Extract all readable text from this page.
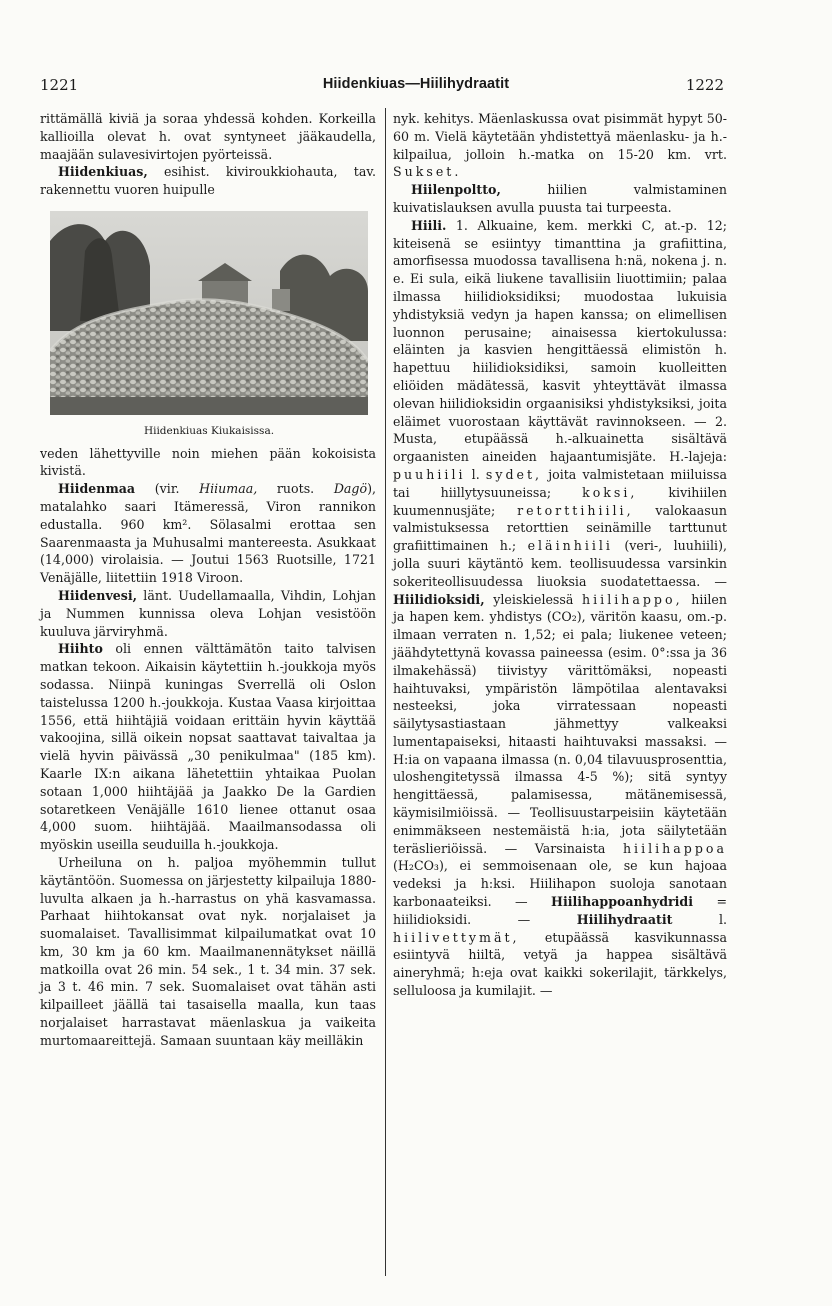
1221	Hiidenkiuas—Hiilihydraatit	1222

rittämällä kiviä ja soraa yhdessä kohden. Korkeilla kallioilla olevat h. ovat syntyneet jääkaudella, maajään sulavesivirtojen pyörteissä.

Hiidenkiuas, esihist. kiviroukkiohauta, tav. rakennettu vuoren huipulle

Hiidenkiuas Kiukaisissa.

veden lähettyville noin miehen pään kokoisista kivistä.

Hiidenmaa (vir. Hiiumaa, ruots. Dagö), matalahko saari Itämeressä, Viron rannikon edustalla. 960 km². Sölasalmi erottaa sen Saarenmaasta ja Muhusalmi mantereesta. Asukkaat (14,000) virolaisia. — Joutui 1563 Ruotsille, 1721 Venäjälle, liitettiin 1918 Viroon.

Hiidenvesi, länt. Uudellamaalla, Vihdin, Lohjan ja Nummen kunnissa oleva Lohjan vesistöön kuuluva järviryhmä.

Hiihto oli ennen välttämätön taito talvisen matkan tekoon. Aikaisin käytettiin h.-joukkoja myös sodassa. Niinpä kuningas Sverrellä oli Oslon taistelussa 1200 h.-joukkoja. Kustaa Vaasa kirjoittaa 1556, että hiihtäjiä voidaan erittäin hyvin käyttää vakoojina, sillä oikein nopsat saattavat taivaltaa ja vielä hyvin päivässä „30 penikulmaa" (185 km). Kaarle IX:n aikana lähetettiin yhtaikaa Puolan sotaan 1,000 hiihtäjää ja Jaakko De la Gardien sotaretkeen Venäjälle 1610 lienee ottanut osaa 4,000 suom. hiihtäjää. Maailmansodassa oli myöskin useilla seuduilla h.-joukkoja.

Urheiluna on h. paljoa myöhemmin tullut käytäntöön. Suomessa on järjestetty kilpailuja 1880-luvulta alkaen ja h.-harrastus on yhä kasvamassa. Parhaat hiihtokansat ovat nyk. norjalaiset ja suomalaiset. Tavallisimmat kilpailumatkat ovat 10 km, 30 km ja 60 km. Maailmanennätykset näillä matkoilla ovat 26 min. 54 sek., 1 t. 34 min. 37 sek. ja 3 t. 46 min. 7 sek. Suomalaiset ovat tähän asti kilpailleet jäällä tai tasaisella maalla, kun taas norjalaiset harrastavat mäenlaskua ja vaikeita murtomaareittejä. Samaan suuntaan käy meilläkin

nyk. kehitys. Mäenlaskussa ovat pisimmät hypyt 50-60 m. Vielä käytetään yhdistettyä mäenlasku- ja h.-kilpailua, jolloin h.-matka on 15-20 km. vrt. Sukset.

Hiilenpoltto, hiilien valmistaminen kuivatislauksen avulla puusta tai turpeesta.

Hiili. 1. Alkuaine, kem. merkki C, at.-p. 12; kiteisenä se esiintyy timanttina ja grafiittina, amorfisessa muodossa tavallisena h:nä, nokena j. n. e. Ei sula, eikä liukene tavallisiin liuottimiin; palaa ilmassa hiilidioksidiksi; muodostaa lukuisia yhdistyksiä vedyn ja hapen kanssa; on elimellisen luonnon perusaine; ainaisessa kiertokulussa: eläinten ja kasvien hengittäessä elimistön h. hapettuu hiilidioksidiksi, samoin kuolleitten eliöiden mädätessä, kasvit yhteyttävät ilmassa olevan hiilidioksidin orgaanisiksi yhdistyksiksi, joita eläimet vuorostaan käyttävät ravinnokseen. — 2. Musta, etupäässä h.-alkuainetta sisältävä orgaanisten aineiden hajaantumisjäte. H.-lajeja: puuhiili l. sydet, joita valmistetaan miiluissa tai hiillytysuuneissa; koksi, kivihiilen kuumennusjäte; retorttihiili, valokaasun valmistuksessa retorttien seinämille tarttunut grafiittimainen h.; eläinhiili (veri-, luuhiili), jolla suuri käytäntö kem. teollisuudessa varsinkin sokeriteollisuudessa liuoksia suodatettaessa. — Hiilidioksidi, yleiskielessä hiilihappo, hiilen ja hapen kem. yhdistys (CO₂), väritön kaasu, om.-p. ilmaan verraten n. 1,52; ei pala; liukenee veteen; jäähdytettynä kovassa paineessa (esim. 0°:ssa ja 36 ilmakehässä) tiivistyy värittömäksi, nopeasti haihtuvaksi, ympäristön lämpötilaa alentavaksi nesteeksi, joka virratessaan nopeasti säilytysastiastaan jähmettyy valkeaksi lumentapaiseksi, hitaasti haihtuvaksi massaksi. — H:ia on vapaana ilmassa (n. 0,04 tilavuusprosenttia, uloshengitetyssä ilmassa 4-5 %); sitä syntyy hengittäessä, palamisessa, mätänemisessä, käymisilmiöissä. — Teollisuustarpeisiin käytetään enimmäkseen nestemäistä h:ia, jota säilytetään teräslieriöissä. — Varsinaista hiilihappoa (H₂CO₃), ei semmoisenaan ole, se kun hajoaa vedeksi ja h:ksi. Hiilihapon suoloja sanotaan karbonaateiksi. — Hiilihappoanhydridi = hiilidioksidi. — Hiilihydraatit l. hiilivettymät, etupäässä kasvikunnassa esiintyvä hiiltä, vetyä ja happea sisältävä aineryhmä; h:eja ovat kaikki sokerilajit, tärkkelys, selluloosa ja kumilajit. —
